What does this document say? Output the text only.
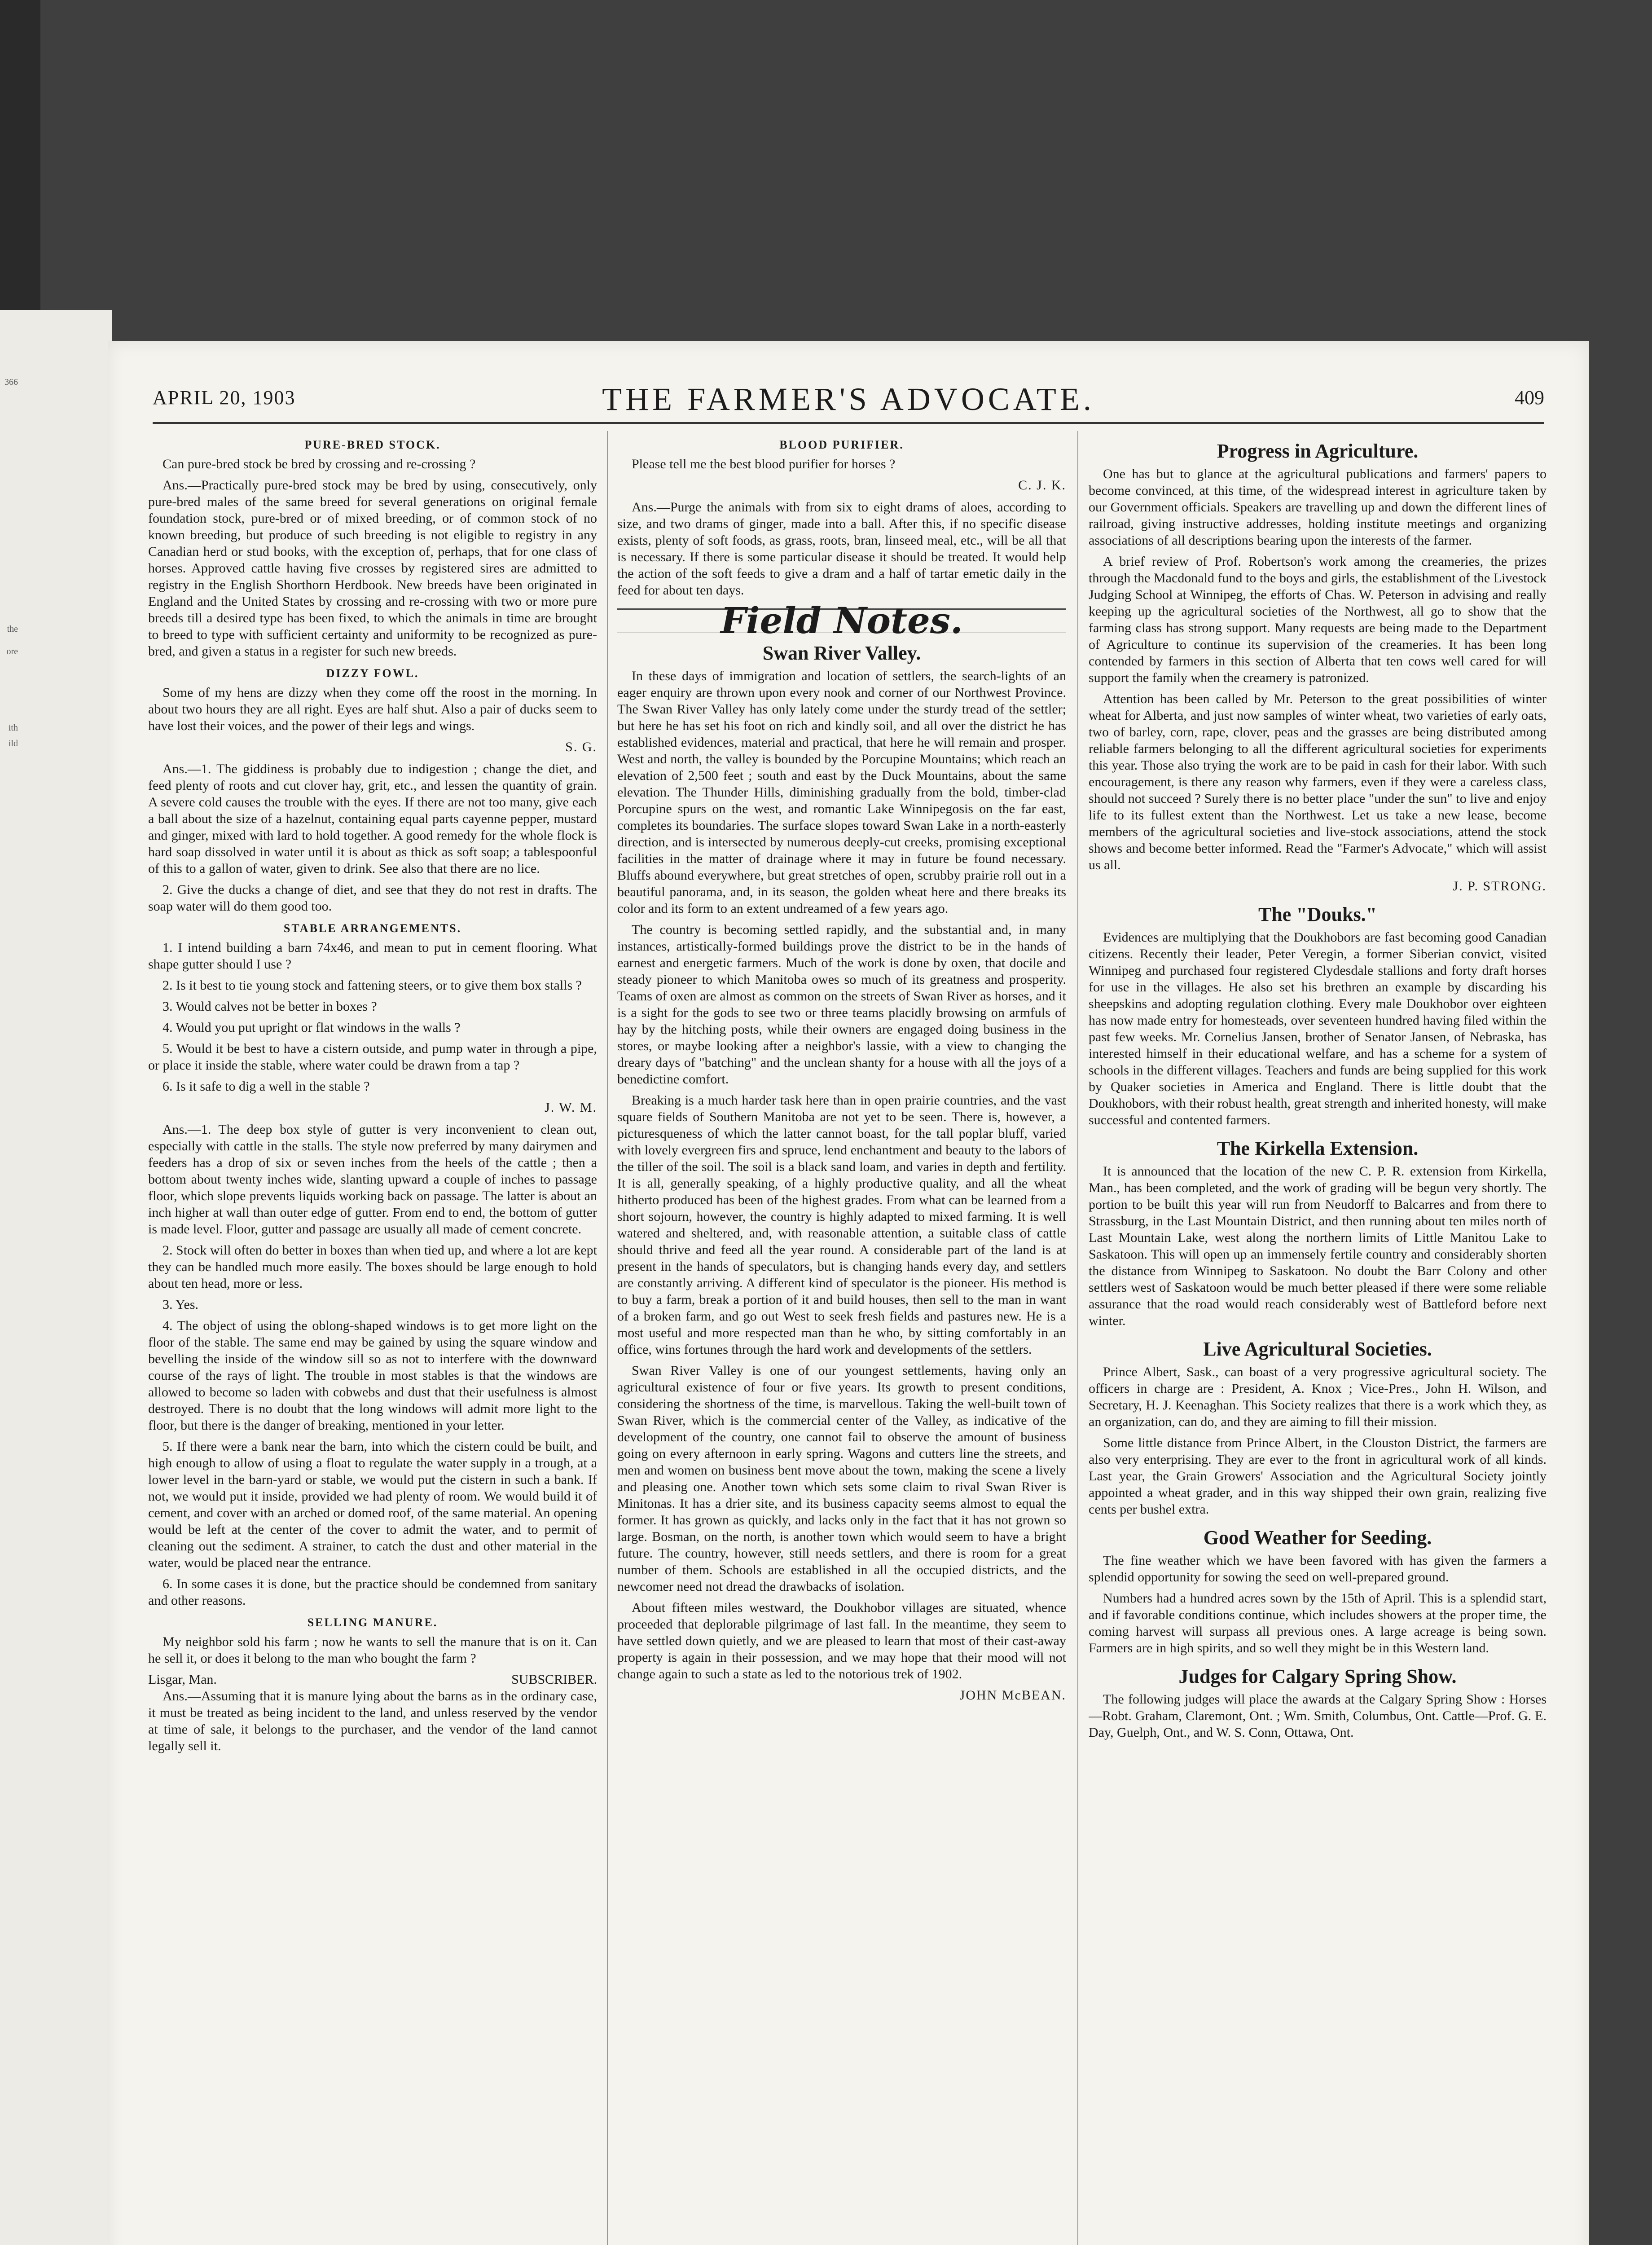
366
the
ore
ith
ild
APRIL 20, 1903	THE FARMER'S ADVOCATE.	409
PURE-BRED STOCK.

Can pure-bred stock be bred by crossing and re-crossing ?

Ans.—Practically pure-bred stock may be bred by using, consecutively, only pure-bred males of the same breed for several generations on original female foundation stock, pure-bred or of mixed breeding, or of common stock of no known breeding, but produce of such breeding is not eligible to registry in any Canadian herd or stud books, with the exception of, perhaps, that for one class of horses. Approved cattle having five crosses by registered sires are admitted to registry in the English Shorthorn Herdbook. New breeds have been originated in England and the United States by crossing and re-crossing with two or more pure breeds till a desired type has been fixed, to which the animals in time are brought to breed to type with sufficient certainty and uniformity to be recognized as pure-bred, and given a status in a register for such new breeds.

DIZZY FOWL.

Some of my hens are dizzy when they come off the roost in the morning. In about two hours they are all right. Eyes are half shut. Also a pair of ducks seem to have lost their voices, and the power of their legs and wings.

S. G.

Ans.—1. The giddiness is probably due to indigestion ; change the diet, and feed plenty of roots and cut clover hay, grit, etc., and lessen the quantity of grain. A severe cold causes the trouble with the eyes. If there are not too many, give each a ball about the size of a hazelnut, containing equal parts cayenne pepper, mustard and ginger, mixed with lard to hold together. A good remedy for the whole flock is hard soap dissolved in water until it is about as thick as soft soap; a tablespoonful of this to a gallon of water, given to drink. See also that there are no lice.

2. Give the ducks a change of diet, and see that they do not rest in drafts. The soap water will do them good too.

STABLE ARRANGEMENTS.

1. I intend building a barn 74x46, and mean to put in cement flooring. What shape gutter should I use ?

2. Is it best to tie young stock and fattening steers, or to give them box stalls ?

3. Would calves not be better in boxes ?

4. Would you put upright or flat windows in the walls ?

5. Would it be best to have a cistern outside, and pump water in through a pipe, or place it inside the stable, where water could be drawn from a tap ?

6. Is it safe to dig a well in the stable ?

J. W. M.

Ans.—1. The deep box style of gutter is very inconvenient to clean out, especially with cattle in the stalls. The style now preferred by many dairymen and feeders has a drop of six or seven inches from the heels of the cattle ; then a bottom about twenty inches wide, slanting upward a couple of inches to passage floor, which slope prevents liquids working back on passage. The latter is about an inch higher at wall than outer edge of gutter. From end to end, the bottom of gutter is made level. Floor, gutter and passage are usually all made of cement concrete.

2. Stock will often do better in boxes than when tied up, and where a lot are kept they can be handled much more easily. The boxes should be large enough to hold about ten head, more or less.

3. Yes.

4. The object of using the oblong-shaped windows is to get more light on the floor of the stable. The same end may be gained by using the square window and bevelling the inside of the window sill so as not to interfere with the downward course of the rays of light. The trouble in most stables is that the windows are allowed to become so laden with cobwebs and dust that their usefulness is almost destroyed. There is no doubt that the long windows will admit more light to the floor, but there is the danger of breaking, mentioned in your letter.

5. If there were a bank near the barn, into which the cistern could be built, and high enough to allow of using a float to regulate the water supply in a trough, at a lower level in the barn-yard or stable, we would put the cistern in such a bank. If not, we would put it inside, provided we had plenty of room. We would build it of cement, and cover with an arched or domed roof, of the same material. An opening would be left at the center of the cover to admit the water, and to permit of cleaning out the sediment. A strainer, to catch the dust and other material in the water, would be placed near the entrance.

6. In some cases it is done, but the practice should be condemned from sanitary and other reasons.

SELLING MANURE.

My neighbor sold his farm ; now he wants to sell the manure that is on it. Can he sell it, or does it belong to the man who bought the farm ?

Lisgar, Man.	SUBSCRIBER.

Ans.—Assuming that it is manure lying about the barns as in the ordinary case, it must be treated as being incident to the land, and unless reserved by the vendor at time of sale, it belongs to the purchaser, and the vendor of the land cannot legally sell it.

BLOOD PURIFIER.

Please tell me the best blood purifier for horses ?

C. J. K.

Ans.—Purge the animals with from six to eight drams of aloes, according to size, and two drams of ginger, made into a ball. After this, if no specific disease exists, plenty of soft foods, as grass, roots, bran, linseed meal, etc., will be all that is necessary. If there is some particular disease it should be treated. It would help the action of the soft feeds to give a dram and a half of tartar emetic daily in the feed for about ten days.

Field Notes.
Swan River Valley.

In these days of immigration and location of settlers, the search-lights of an eager enquiry are thrown upon every nook and corner of our Northwest Province. The Swan River Valley has only lately come under the sturdy tread of the settler; but here he has set his foot on rich and kindly soil, and all over the district he has established evidences, material and practical, that here he will remain and prosper. West and north, the valley is bounded by the Porcupine Mountains; which reach an elevation of 2,500 feet ; south and east by the Duck Mountains, about the same elevation. The Thunder Hills, diminishing gradually from the bold, timber-clad Porcupine spurs on the west, and romantic Lake Winnipegosis on the far east, completes its boundaries. The surface slopes toward Swan Lake in a north-easterly direction, and is intersected by numerous deeply-cut creeks, promising exceptional facilities in the matter of drainage where it may in future be found necessary. Bluffs abound everywhere, but great stretches of open, scrubby prairie roll out in a beautiful panorama, and, in its season, the golden wheat here and there breaks its color and its form to an extent undreamed of a few years ago.

The country is becoming settled rapidly, and the substantial and, in many instances, artistically-formed buildings prove the district to be in the hands of earnest and energetic farmers. Much of the work is done by oxen, that docile and steady pioneer to which Manitoba owes so much of its greatness and prosperity. Teams of oxen are almost as common on the streets of Swan River as horses, and it is a sight for the gods to see two or three teams placidly browsing on armfuls of hay by the hitching posts, while their owners are engaged doing business in the stores, or maybe looking after a neighbor's lassie, with a view to changing the dreary days of "batching" and the unclean shanty for a house with all the joys of a benedictine comfort.

Breaking is a much harder task here than in open prairie countries, and the vast square fields of Southern Manitoba are not yet to be seen. There is, however, a picturesqueness of which the latter cannot boast, for the tall poplar bluff, varied with lovely evergreen firs and spruce, lend enchantment and beauty to the labors of the tiller of the soil. The soil is a black sand loam, and varies in depth and fertility. It is all, generally speaking, of a highly productive quality, and all the wheat hitherto produced has been of the highest grades. From what can be learned from a short sojourn, however, the country is highly adapted to mixed farming. It is well watered and sheltered, and, with reasonable attention, a suitable class of cattle should thrive and feed all the year round. A considerable part of the land is at present in the hands of speculators, but is changing hands every day, and settlers are constantly arriving. A different kind of speculator is the pioneer. His method is to buy a farm, break a portion of it and build houses, then sell to the man in want of a broken farm, and go out West to seek fresh fields and pastures new. He is a most useful and more respected man than he who, by sitting comfortably in an office, wins fortunes through the hard work and developments of the settlers.

Swan River Valley is one of our youngest settlements, having only an agricultural existence of four or five years. Its growth to present conditions, considering the shortness of the time, is marvellous. Taking the well-built town of Swan River, which is the commercial center of the Valley, as indicative of the development of the country, one cannot fail to observe the amount of business going on every afternoon in early spring. Wagons and cutters line the streets, and men and women on business bent move about the town, making the scene a lively and pleasing one. Another town which sets some claim to rival Swan River is Minitonas. It has a drier site, and its business capacity seems almost to equal the former. It has grown as quickly, and lacks only in the fact that it has not grown so large. Bosman, on the north, is another town which would seem to have a bright future. The country, however, still needs settlers, and there is room for a great number of them. Schools are established in all the occupied districts, and the newcomer need not dread the drawbacks of isolation.

About fifteen miles westward, the Doukhobor villages are situated, whence proceeded that deplorable pilgrimage of last fall. In the meantime, they seem to have settled down quietly, and we are pleased to learn that most of their cast-away property is again in their possession, and we may hope that their mood will not change again to such a state as led to the notorious trek of 1902.

JOHN McBEAN.
Progress in Agriculture.

One has but to glance at the agricultural publications and farmers' papers to become convinced, at this time, of the widespread interest in agriculture taken by our Government officials. Speakers are travelling up and down the different lines of railroad, giving instructive addresses, holding institute meetings and organizing associations of all descriptions bearing upon the interests of the farmer.

A brief review of Prof. Robertson's work among the creameries, the prizes through the Macdonald fund to the boys and girls, the establishment of the Livestock Judging School at Winnipeg, the efforts of Chas. W. Peterson in advising and really keeping up the agricultural societies of the Northwest, all go to show that the farming class has strong support. Many requests are being made to the Department of Agriculture to continue its supervision of the creameries. It has been long contended by farmers in this section of Alberta that ten cows well cared for will support the family when the creamery is patronized.

Attention has been called by Mr. Peterson to the great possibilities of winter wheat for Alberta, and just now samples of winter wheat, two varieties of early oats, two of barley, corn, rape, clover, peas and the grasses are being distributed among reliable farmers belonging to all the different agricultural societies for experiments this year. Those also trying the work are to be paid in cash for their labor. With such encouragement, is there any reason why farmers, even if they were a careless class, should not succeed ? Surely there is no better place "under the sun" to live and enjoy life to its fullest extent than the Northwest. Let us take a new lease, become members of the agricultural societies and live-stock associations, attend the stock shows and become better informed. Read the "Farmer's Advocate," which will assist us all.

J. P. STRONG.
The "Douks."

Evidences are multiplying that the Doukhobors are fast becoming good Canadian citizens. Recently their leader, Peter Veregin, a former Siberian convict, visited Winnipeg and purchased four registered Clydesdale stallions and forty draft horses for use in the villages. He also set his brethren an example by discarding his sheepskins and adopting regulation clothing. Every male Doukhobor over eighteen has now made entry for homesteads, over seventeen hundred having filed within the past few weeks. Mr. Cornelius Jansen, brother of Senator Jansen, of Nebraska, has interested himself in their educational welfare, and has a scheme for a system of schools in the different villages. Teachers and funds are being supplied for this work by Quaker societies in America and England. There is little doubt that the Doukhobors, with their robust health, great strength and inherited honesty, will make successful and contented farmers.

The Kirkella Extension.

It is announced that the location of the new C. P. R. extension from Kirkella, Man., has been completed, and the work of grading will be begun very shortly. The portion to be built this year will run from Neudorff to Balcarres and from there to Strassburg, in the Last Mountain District, and then running about ten miles north of Last Mountain Lake, west along the northern limits of Little Manitou Lake to Saskatoon. This will open up an immensely fertile country and considerably shorten the distance from Winnipeg to Saskatoon. No doubt the Barr Colony and other settlers west of Saskatoon would be much better pleased if there were some reliable assurance that the road would reach considerably west of Battleford before next winter.

Live Agricultural Societies.

Prince Albert, Sask., can boast of a very progressive agricultural society. The officers in charge are : President, A. Knox ; Vice-Pres., John H. Wilson, and Secretary, H. J. Keenaghan. This Society realizes that there is a work which they, as an organization, can do, and they are aiming to fill their mission.

Some little distance from Prince Albert, in the Clouston District, the farmers are also very enterprising. They are ever to the front in agricultural work of all kinds. Last year, the Grain Growers' Association and the Agricultural Society jointly appointed a wheat grader, and in this way shipped their own grain, realizing five cents per bushel extra.

Good Weather for Seeding.

The fine weather which we have been favored with has given the farmers a splendid opportunity for sowing the seed on well-prepared ground.

Numbers had a hundred acres sown by the 15th of April. This is a splendid start, and if favorable conditions continue, which includes showers at the proper time, the coming harvest will surpass all previous ones. A large acreage is being sown. Farmers are in high spirits, and so well they might be in this Western land.

Judges for Calgary Spring Show.

The following judges will place the awards at the Calgary Spring Show : Horses—Robt. Graham, Claremont, Ont. ; Wm. Smith, Columbus, Ont. Cattle—Prof. G. E. Day, Guelph, Ont., and W. S. Conn, Ottawa, Ont.
